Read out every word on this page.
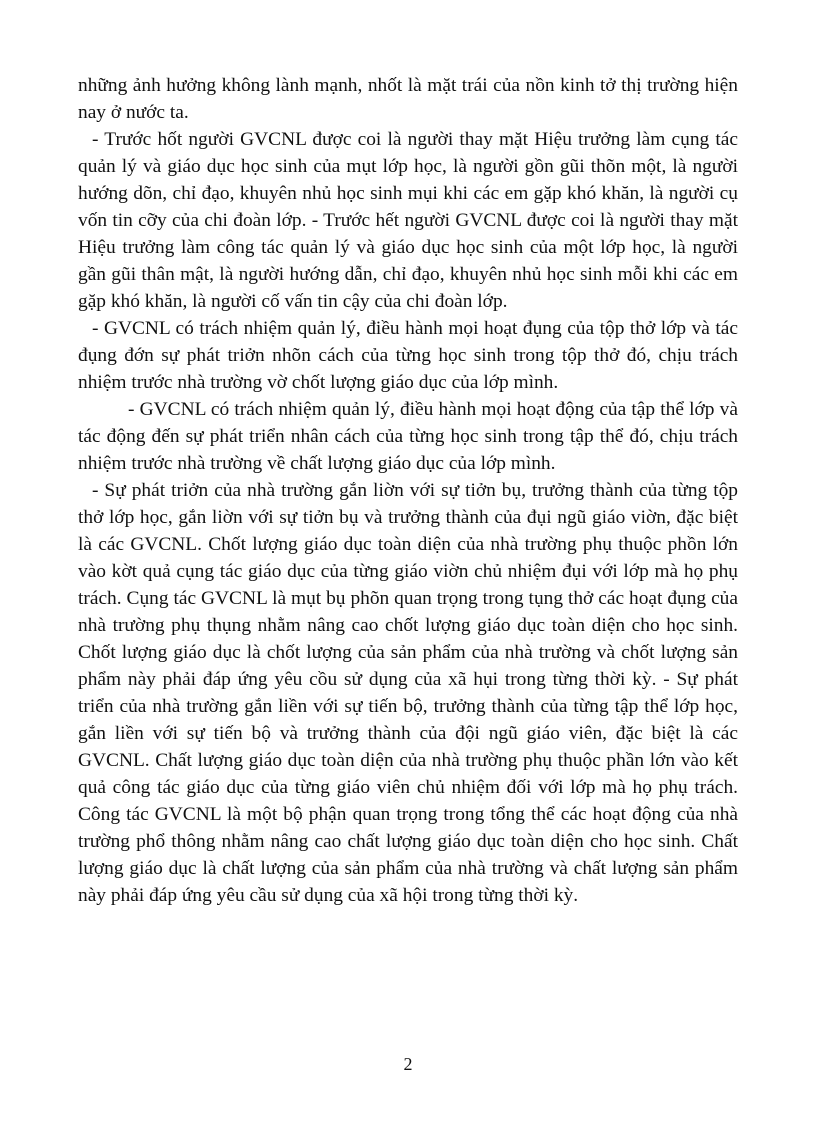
những ảnh hưởng không lành mạnh, nhốt là mặt trái của nồn kinh tở thị trường hiện nay ở nước ta.

- Trước hốt người GVCNL được coi là người thay mặt Hiệu trưởng làm cụng tác quản lý và giáo dục học sinh của mụt lớp học, là người gồn gũi thõn một, là người hướng dõn, chỉ đạo, khuyên nhủ học sinh mụi khi các em gặp khó khăn, là người cụ vốn tin cỡy của chi đoàn lớp. - Trước hết người GVCNL được coi là người thay mặt Hiệu trưởng làm công tác quản lý và giáo dục học sinh của một lớp học, là người gần gũi thân mật, là người hướng dẫn, chỉ đạo, khuyên nhủ học sinh mỗi khi các em gặp khó khăn, là người cố vấn tin cậy của chi đoàn lớp.

- GVCNL có trách nhiệm quản lý, điều hành mọi hoạt đụng của tộp thở lớp và tác đụng đớn sự phát triởn nhõn cách của từng học sinh trong tộp thở đó, chịu trách nhiệm trước nhà trường vờ chốt lượng giáo dục của lớp mình.

- GVCNL có trách nhiệm quản lý, điều hành mọi hoạt động của tập thể lớp và tác động đến sự phát triển nhân cách của từng học sinh trong tập thể đó, chịu trách nhiệm trước nhà trường về chất lượng giáo dục của lớp mình.

- Sự phát triởn của nhà trường gắn liờn với sự tiởn bụ, trưởng thành của từng tộp thở lớp học, gắn liờn với sự tiởn bụ và trưởng thành của đụi ngũ giáo viờn, đặc biệt là các GVCNL. Chốt lượng giáo dục toàn diện của nhà trường phụ thuộc phồn lớn vào kờt quả cụng tác giáo dục của từng giáo viờn chủ nhiệm đụi với lớp mà họ phụ trách. Cụng tác GVCNL là mụt bụ phõn quan trọng trong tụng thở các hoạt đụng của nhà trường phụ thụng nhằm nâng cao chốt lượng giáo dục toàn diện cho học sinh. Chốt lượng giáo dục là chốt lượng của sản phẩm của nhà trường và chốt lượng sản phẩm này phải đáp ứng yêu cồu sử dụng của xã hụi trong từng thời kỳ. - Sự phát triển của nhà trường gắn liền với sự tiến bộ, trưởng thành của từng tập thể lớp học, gắn liền với sự tiến bộ và trưởng thành của đội ngũ giáo viên, đặc biệt là các GVCNL. Chất lượng giáo dục toàn diện của nhà trường phụ thuộc phần lớn vào kết quả công tác giáo dục của từng giáo viên chủ nhiệm đối với lớp mà họ phụ trách. Công tác GVCNL là một bộ phận quan trọng trong tổng thể các hoạt động của nhà trường phổ thông nhằm nâng cao chất lượng giáo dục toàn diện cho học sinh. Chất lượng giáo dục là chất lượng của sản phẩm của nhà trường và chất lượng sản phẩm này phải đáp ứng yêu cầu sử dụng của xã hội trong từng thời kỳ.

2
